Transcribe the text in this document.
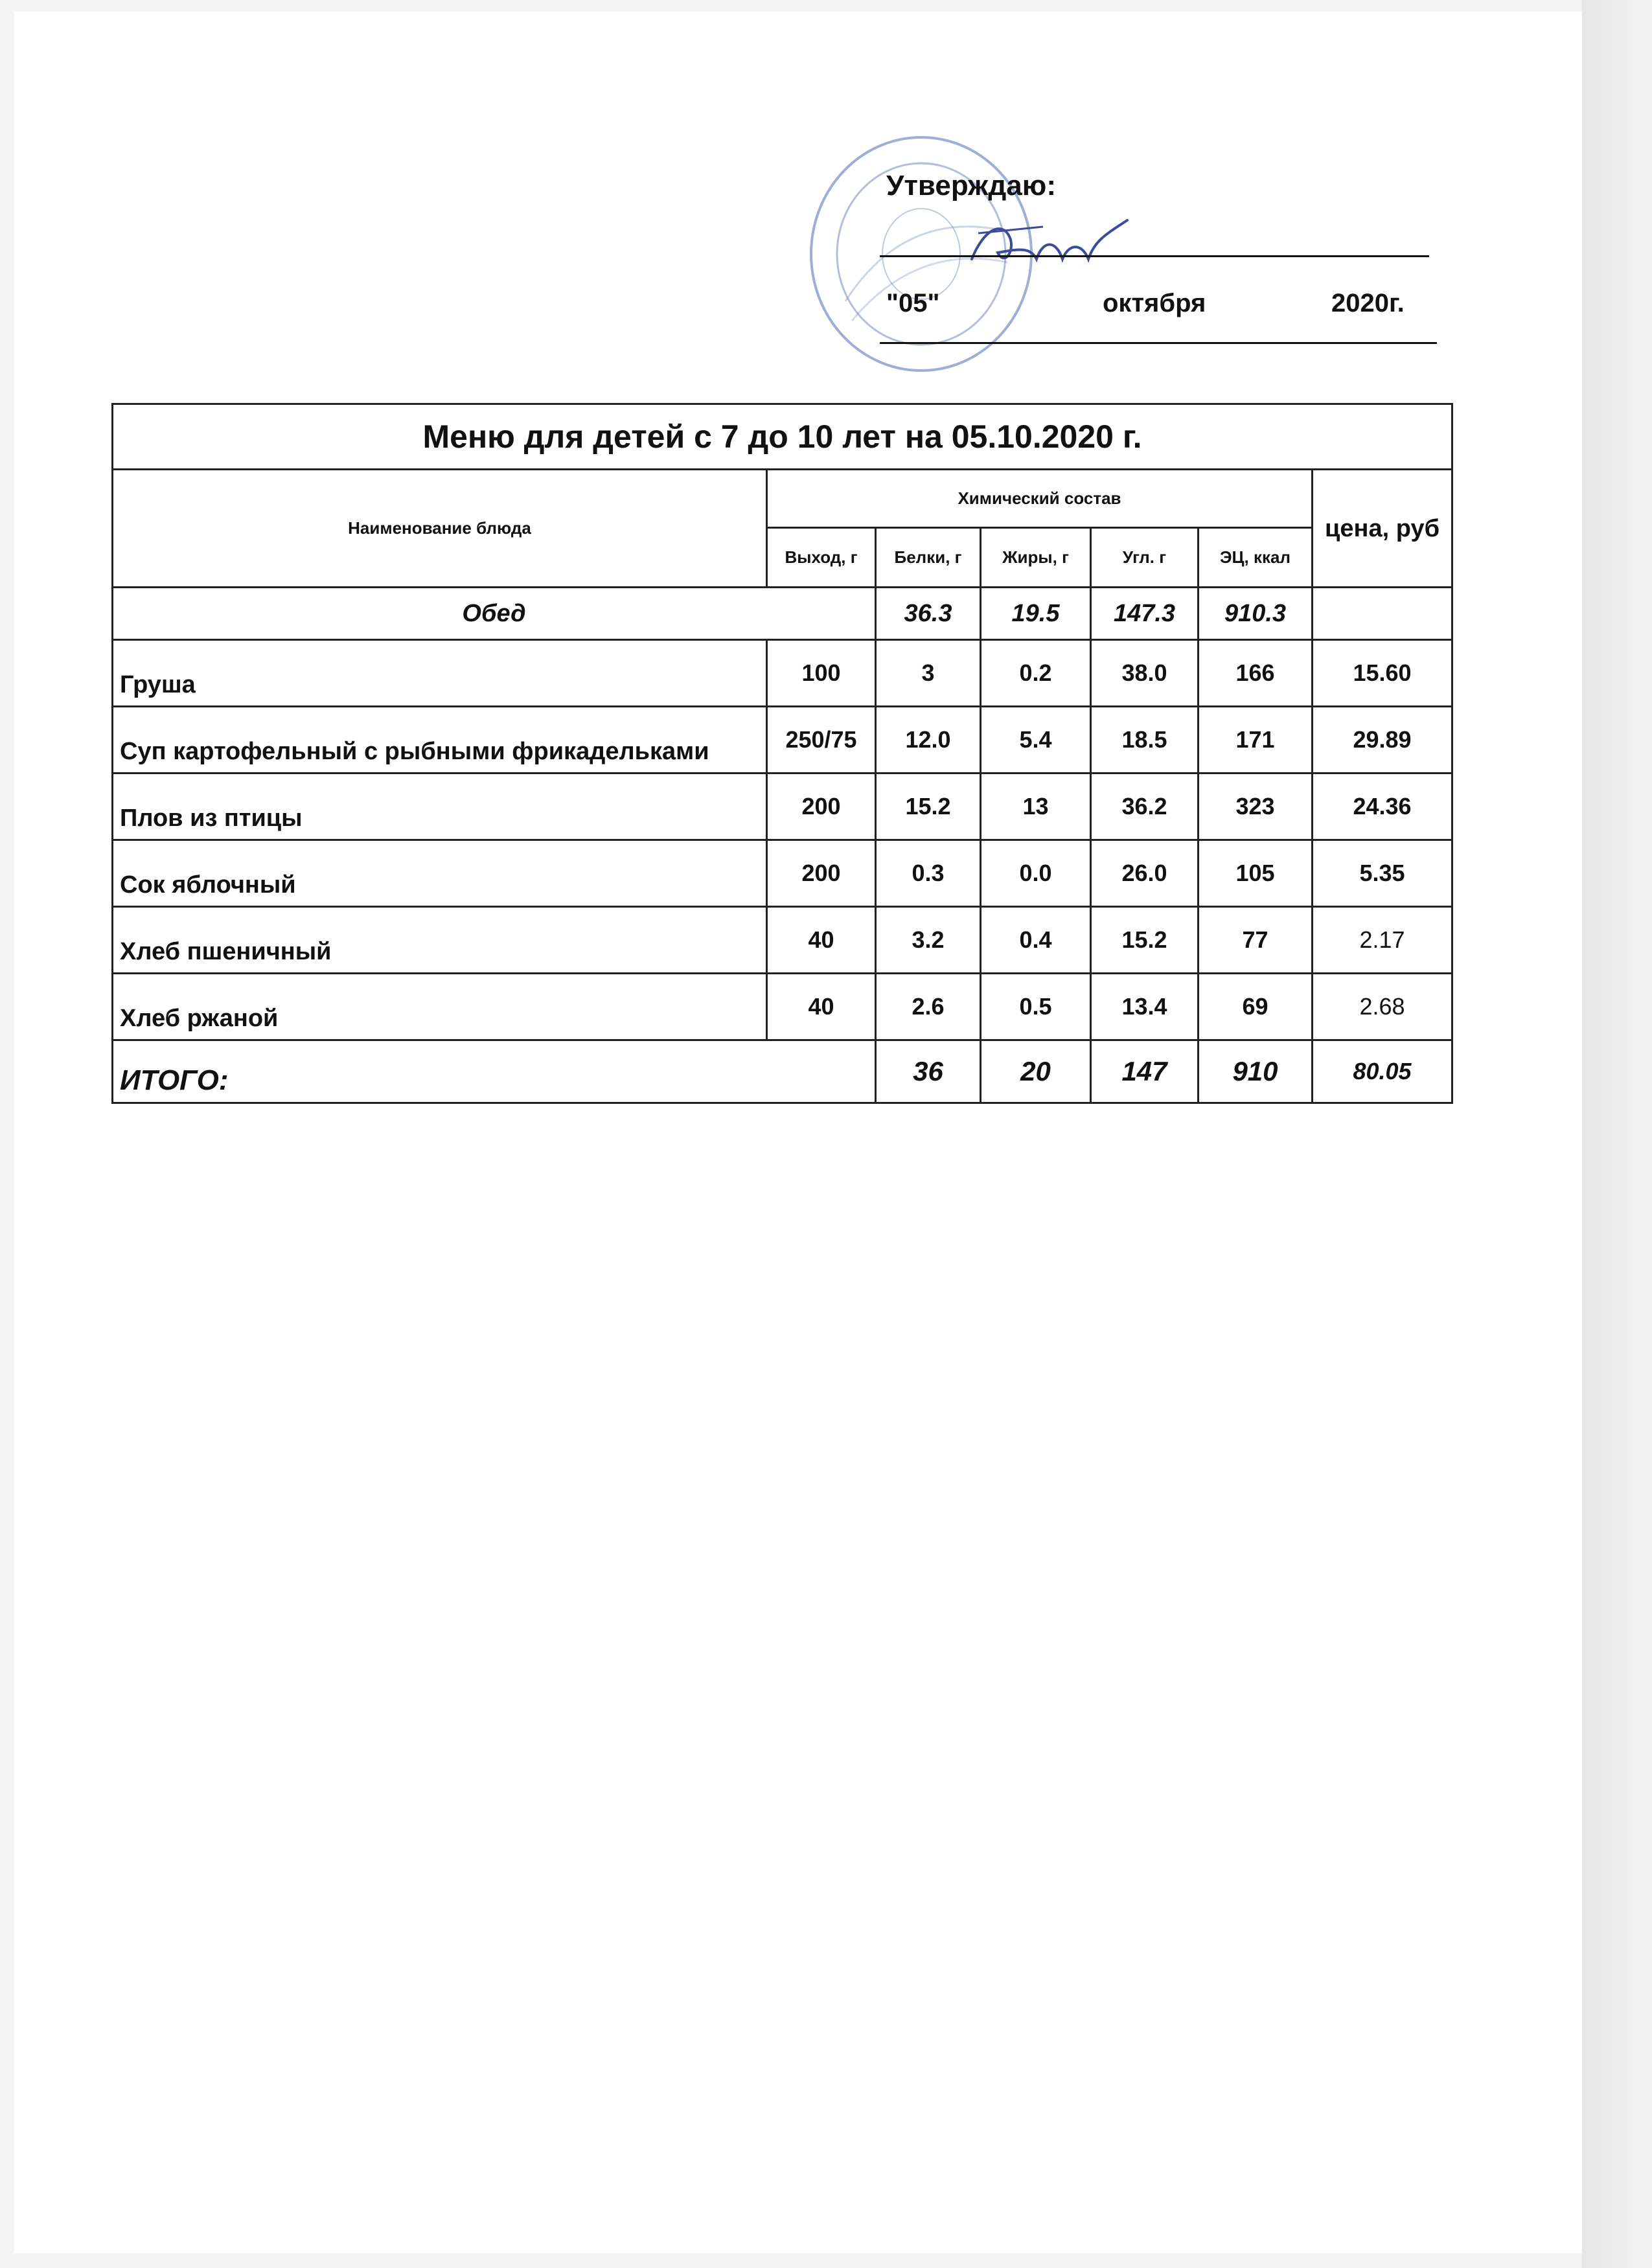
Утверждаю:
"05"	октября	2020г.
Меню для детей с 7 до 10 лет на 05.10.2020 г.						
Наименование блюда	Химический состав					цена, руб
	Выход, г	Белки, г	Жиры, г	Угл. г	ЭЦ, ккал	
Обед		36.3	19.5	147.3	910.3	
Груша	100	3	0.2	38.0	166	15.60
Суп картофельный с рыбными фрикадельками	250/75	12.0	5.4	18.5	171	29.89
Плов из птицы	200	15.2	13	36.2	323	24.36
Сок яблочный	200	0.3	0.0	26.0	105	5.35
Хлеб пшеничный	40	3.2	0.4	15.2	77	2.17
Хлеб ржаной	40	2.6	0.5	13.4	69	2.68
ИТОГО:		36	20	147	910	80.05
